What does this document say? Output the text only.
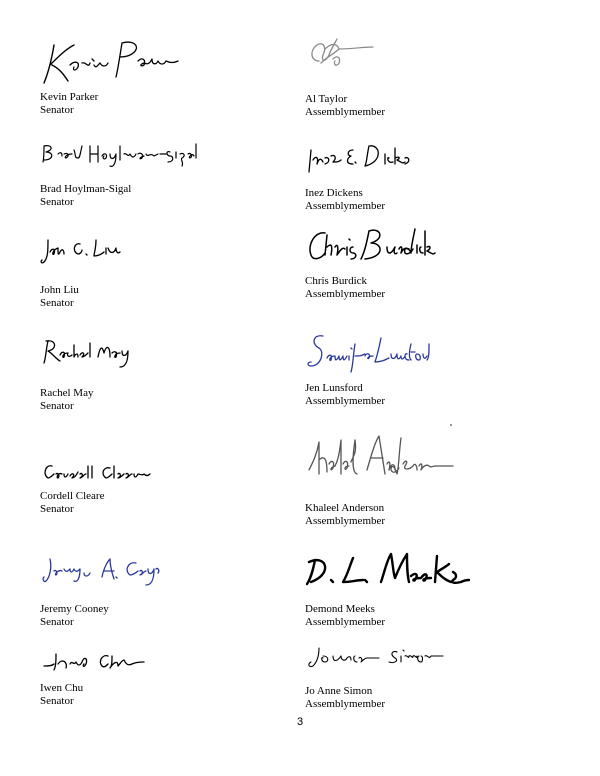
Kevin Parker
Senator
Brad Hoylman-Sigal
Senator
John Liu
Senator
Rachel May
Senator
Cordell Cleare
Senator
Jeremy Cooney
Senator
Iwen Chu
Senator
Al Taylor
Assemblymember
Inez Dickens
Assemblymember
Chris Burdick
Assemblymember
Jen Lunsford
Assemblymember
Khaleel Anderson
Assemblymember
Demond Meeks
Assemblymember
Jo Anne Simon
Assemblymember
3
